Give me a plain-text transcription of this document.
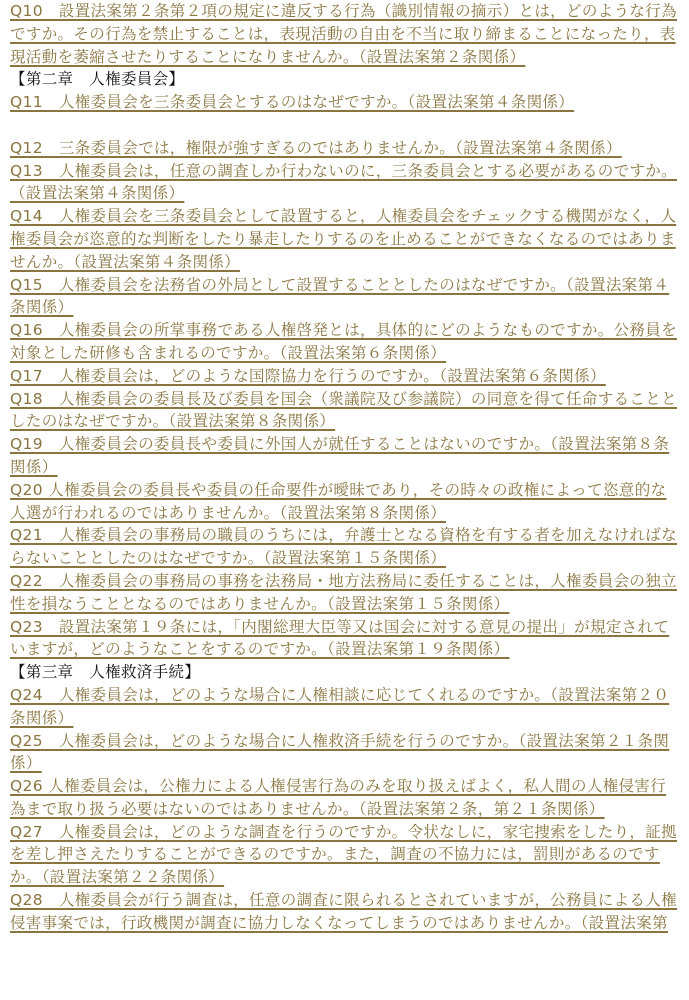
Q10　設置法案第２条第２項の規定に違反する行為（識別情報の摘示）とは，どのような行為ですか。その行為を禁止することは，表現活動の自由を不当に取り締まることになったり，表現活動を萎縮させたりすることになりませんか。（設置法案第２条関係）
【第二章　人権委員会】
Q11　人権委員会を三条委員会とするのはなぜですか。（設置法案第４条関係）
Q12　三条委員会では，権限が強すぎるのではありませんか。（設置法案第４条関係）
Q13　人権委員会は，任意の調査しか行わないのに，三条委員会とする必要があるのですか。（設置法案第４条関係）
Q14　人権委員会を三条委員会として設置すると，人権委員会をチェックする機関がなく，人権委員会が恣意的な判断をしたり暴走したりするのを止めることができなくなるのではありませんか。（設置法案第４条関係）
Q15　人権委員会を法務省の外局として設置することとしたのはなぜですか。（設置法案第４条関係）
Q16　人権委員会の所掌事務である人権啓発とは，具体的にどのようなものですか。公務員を対象とした研修も含まれるのですか。（設置法案第６条関係）
Q17　人権委員会は，どのような国際協力を行うのですか。（設置法案第６条関係）
Q18　人権委員会の委員長及び委員を国会（衆議院及び参議院）の同意を得て任命することとしたのはなぜですか。（設置法案第８条関係）
Q19　人権委員会の委員長や委員に外国人が就任することはないのですか。（設置法案第８条関係）
Q20 人権委員会の委員長や委員の任命要件が曖昧であり，その時々の政権によって恣意的な人選が行われるのではありませんか。（設置法案第８条関係）
Q21　人権委員会の事務局の職員のうちには，弁護士となる資格を有する者を加えなければならないこととしたのはなぜですか。（設置法案第１５条関係）
Q22　人権委員会の事務局の事務を法務局・地方法務局に委任することは，人権委員会の独立性を損なうこととなるのではありませんか。（設置法案第１５条関係）
Q23　設置法案第１９条には，「内閣総理大臣等又は国会に対する意見の提出」が規定されていますが，どのようなことをするのですか。（設置法案第１９条関係）
【第三章　人権救済手続】
Q24　人権委員会は，どのような場合に人権相談に応じてくれるのですか。（設置法案第２０条関係）
Q25　人権委員会は，どのような場合に人権救済手続を行うのですか。（設置法案第２１条関係）
Q26 人権委員会は，公権力による人権侵害行為のみを取り扱えばよく，私人間の人権侵害行為まで取り扱う必要はないのではありませんか。（設置法案第２条，第２１条関係）
Q27　人権委員会は，どのような調査を行うのですか。令状なしに，家宅捜索をしたり，証拠を差し押さえたりすることができるのですか。また，調査の不協力には，罰則があるのですか。（設置法案第２２条関係）
Q28　人権委員会が行う調査は，任意の調査に限られるとされていますが，公務員による人権侵害事案では，行政機関が調査に協力しなくなってしまうのではありませんか。（設置法案第
